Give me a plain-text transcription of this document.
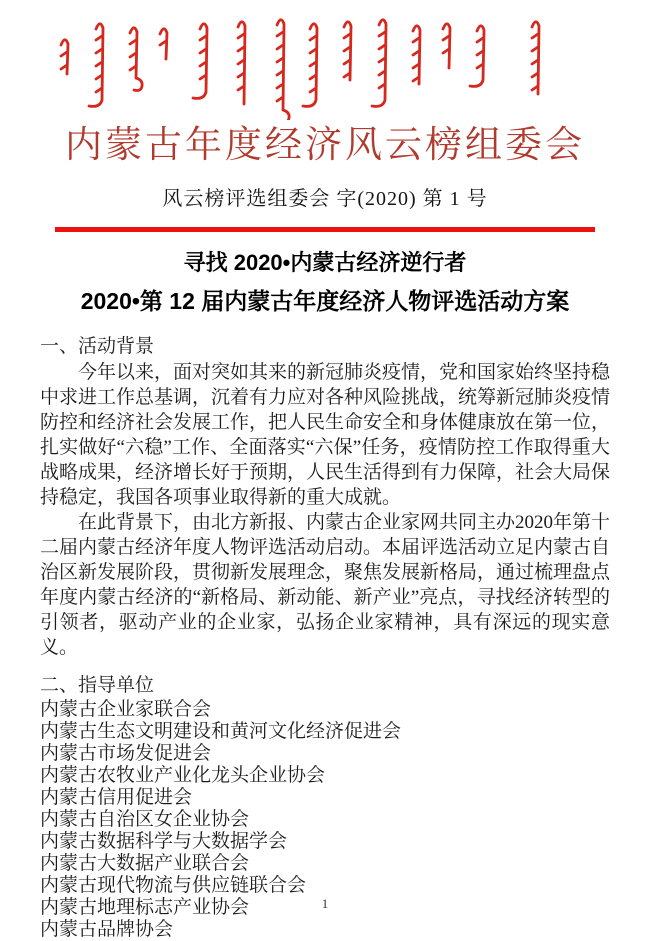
内蒙古年度经济风云榜组委会
风云榜评选组委会 字(2020) 第 1 号
寻找 2020•内蒙古经济逆行者
2020•第 12 届内蒙古年度经济人物评选活动方案
一、活动背景

今年以来，面对突如其来的新冠肺炎疫情，党和国家始终坚持稳中求进工作总基调，沉着有力应对各种风险挑战，统筹新冠肺炎疫情防控和经济社会发展工作，把人民生命安全和身体健康放在第一位，扎实做好“六稳”工作、全面落实“六保”任务，疫情防控工作取得重大战略成果，经济增长好于预期，人民生活得到有力保障，社会大局保持稳定，我国各项事业取得新的重大成就。

在此背景下，由北方新报、内蒙古企业家网共同主办2020年第十二届内蒙古经济年度人物评选活动启动。本届评选活动立足内蒙古自治区新发展阶段，贯彻新发展理念，聚焦发展新格局，通过梳理盘点年度内蒙古经济的“新格局、新动能、新产业”亮点，寻找经济转型的引领者，驱动产业的企业家，弘扬企业家精神，具有深远的现实意义。

二、指导单位
内蒙古企业家联合会
内蒙古生态文明建设和黄河文化经济促进会
内蒙古市场发促进会
内蒙古农牧业产业化龙头企业协会
内蒙古信用促进会
内蒙古自治区女企业协会
内蒙古数据科学与大数据学会
内蒙古大数据产业联合会
内蒙古现代物流与供应链联合会
内蒙古地理标志产业协会
内蒙古品牌协会
1
